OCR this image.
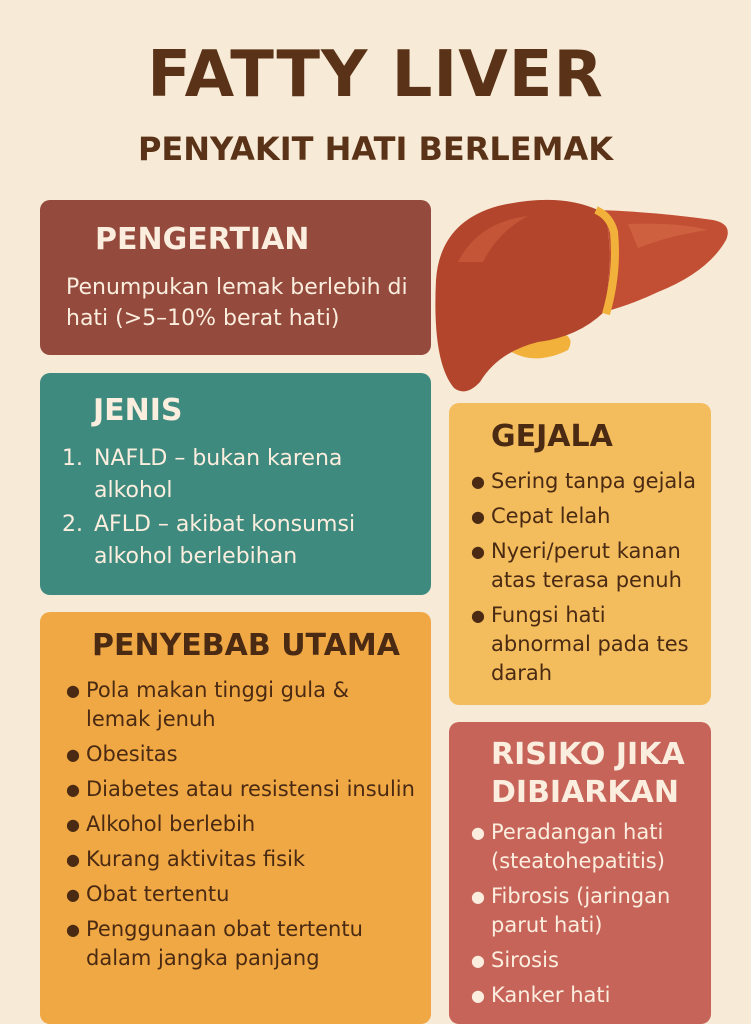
FATTY LIVER
PENYAKIT HATI BERLEMAK
PENGERTIAN

Penumpukan lemak berlebih di hati (>5–10% berat hati)

JENIS
1. NAFLD – bukan karena alkohol
2. AFLD – akibat konsumsi alkohol berlebihan
PENYEBAB UTAMA
● Pola makan tinggi gula & lemak jenuh
● Obesitas
● Diabetes atau resistensi insulin
● Alkohol berlebih
● Kurang aktivitas fisik
● Obat tertentu
● Penggunaan obat tertentu dalam jangka panjang
GEJALA
● Sering tanpa gejala
● Cepat lelah
● Nyeri/perut kanan atas terasa penuh
● Fungsi hati abnormal pada tes darah
RISIKO JIKA DIBIARKAN
● Peradangan hati (steatohepatitis)
● Fibrosis (jaringan parut hati)
● Sirosis
● Kanker hati
